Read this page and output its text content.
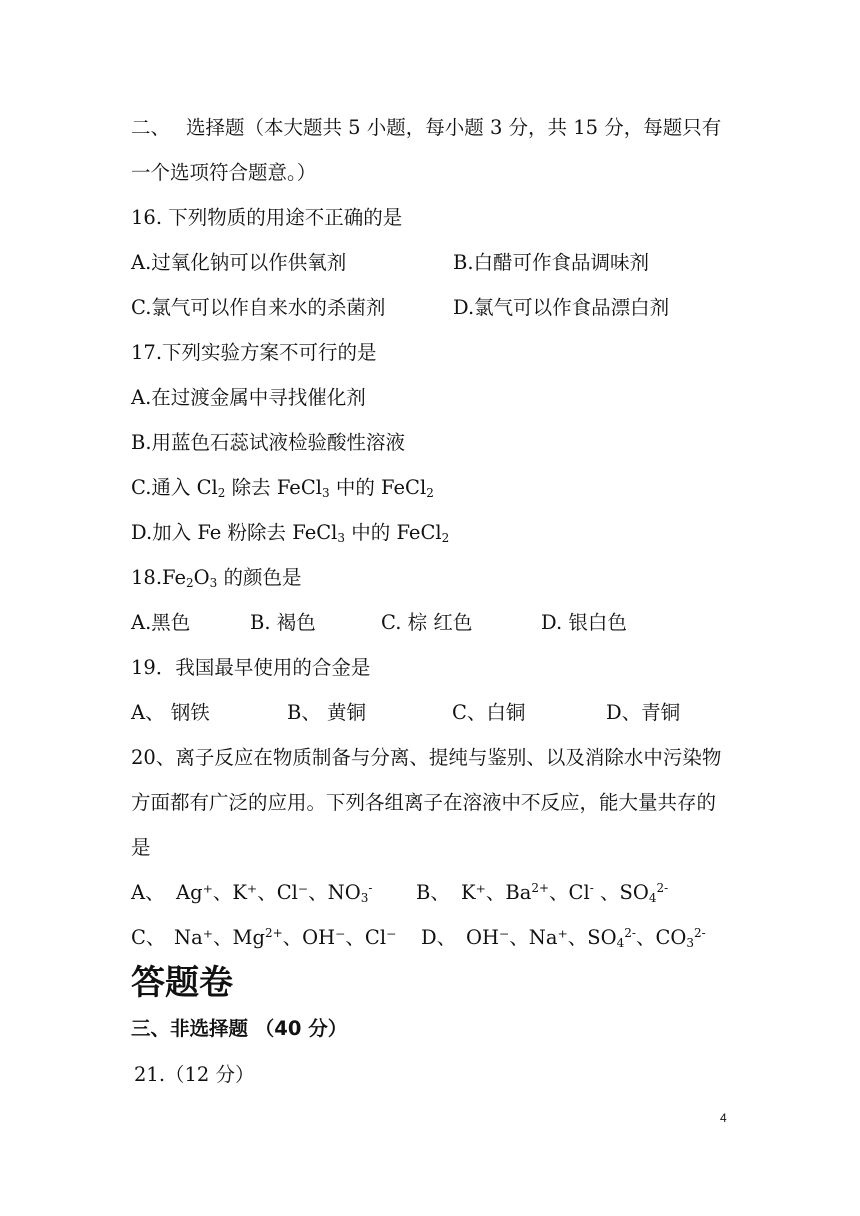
二、　 选择题（本大题共 5 小题，每小题 3 分，共 15 分，每题只有
一个选项符合题意。）
16. 下列物质的用途不正确的是
A.过氧化钠可以作供氧剂	B.白醋可作食品调味剂
C.氯气可以作自来水的杀菌剂	D.氯气可以作食品漂白剂
17.下列实验方案不可行的是
A.在过渡金属中寻找催化剂
B.用蓝色石蕊试液检验酸性溶液
C.通入 $Cl_2$ 除去 FeCl$_3$ 中的 FeCl$_2$
D.加入 Fe 粉除去 FeCl$_3$ 中的 FeCl$_2$
$18.Fe_2O_3$ 的颜色是
A.黑色	B. 褐色	C. 棕 红色	D. 银白色
19．我国最早使用的合金是
A、 钢铁	B、 黄铜	C、白铜	D、青铜
20、离子反应在物质制备与分离、提纯与鉴别、以及消除水中污染物
方面都有广泛的应用。下列各组离子在溶液中不反应，能大量共存的
是
A、 Ag⁺、K⁺、Cl⁻、$NO_3^-$ B、 K⁺、$Ba^{2+}$、Cl- 、$SO_4^{2-}$
C、 Na⁺、$Mg^{2+}$、OH⁻、Cl⁻ D、 OH⁻、Na⁺、$SO_4^{2-}$、$CO_3^{2-}$
答题卷
三、非选择题 （40 分）
21.（12 分）
4
